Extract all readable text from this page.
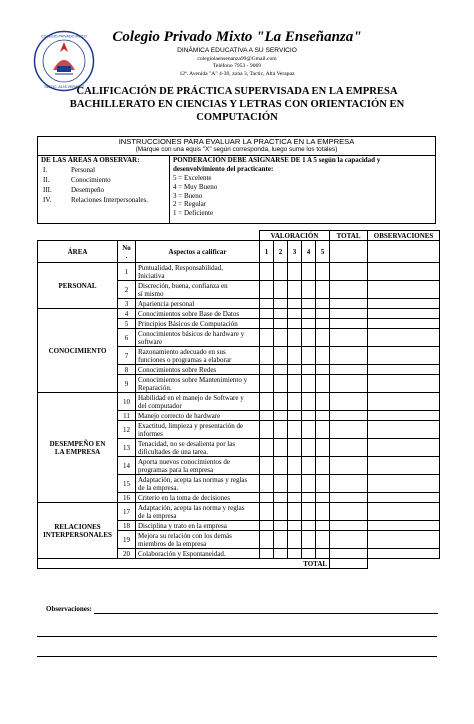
COLEGIO PRIVADO MIXTO
TACTIC, ALTA VERAPAZ
Colegio Privado Mixto "La Enseñanza"
DINÁMICA EDUCATIVA A SU SERVICIO
colegiolaensenanza99@Gmail.com
Teléfono 7953 - 9069
12ª. Avenida "A" 4-30, zona 3, Tactic, Alta Verapaz
CALIFICACIÓN DE PRÁCTICA SUPERVISADA EN LA EMPRESA
BACHILLERATO EN CIENCIAS Y LETRAS CON ORIENTACIÓN EN
COMPUTACIÓN
INSTRUCCIONES PARA EVALUAR LA PRACTICA EN LA EMPRESA
(Marque con una equis "X" según corresponda, luego sume los totales)
DE LAS ÁREAS A OBSERVAR:
I.	Personal
II.	Conocimiento
III.	Desempeño
IV.	Relaciones Interpersonales.
PONDERACIÓN DEBE ASIGNARSE DE 1 A 5 según la capacidad y desenvolvimiento del practicante:
5 = Excelente
4 = Muy Bueno
3 = Bueno
2 = Regular
1 = Deficiente
			VALORACIÓN					TOTAL	OBSERVACIONES
ÁREA	No
.	Aspectos a calificar	1	2	3	4	5		
PERSONAL	1	Puntualidad, Responsabilidad,
Iniciativa							
	2	Discreción, buena, confianza en
sí mismo							
	3	Apariencia personal							
CONOCIMIENTO	4	Conocimientos sobre Base de Datos							
	5	Principios Básicos de Computación							
	6	Conocimientos básicos de hardware y
software							
	7	Razonamiento adecuado en sus
funciones o programas a elaborar							
	8	Conocimientos sobre Redes							
	9	Conocimientos sobre Mantenimiento y
Reparación.							
DESEMPEÑO EN
LA EMPRESA	10	Habilidad en el manejo de Software y
del computador							
	11	Manejo correcto de hardware							
	12	Exactitud, limpieza y presentación de
informes							
	13	Tenacidad, no se desalienta por las
dificultades de una tarea.							
	14	Aporta nuevos conocimientos de
programas para la empresa							
	15	Adaptación, acepta las normas y reglas
de la empresa.							
	16	Criterio en la toma de decisiones							
RELACIONES
INTERPERSONALES	17	Adaptación, acepta las norma y reglas
de la empresa							
	18	Disciplina y trato en la empresa							
	19	Mejora su relación con los demás
miembros de la empresa							
	20	Colaboración y Espontaneidad.							
TOTAL									
Observaciones:
